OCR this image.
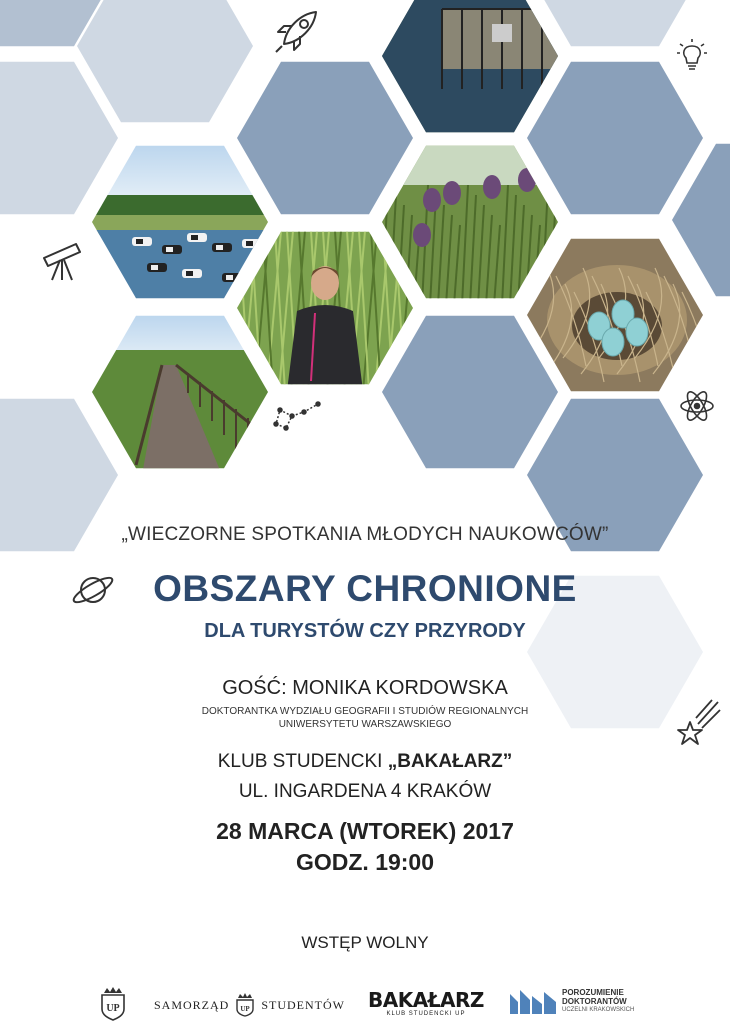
„WIECZORNE SPOTKANIA MŁODYCH NAUKOWCÓW”
OBSZARY CHRONIONE
DLA TURYSTÓW CZY PRZYRODY
GOŚĆ: MONIKA KORDOWSKA
DOKTORANTKA WYDZIAŁU GEOGRAFII I STUDIÓW REGIONALNYCH
UNIWERSYTETU WARSZAWSKIEGO
KLUB STUDENCKI „BAKAŁARZ”
UL. INGARDENA 4 KRAKÓW
28 MARCA (WTOREK) 2017
GODZ. 19:00
WSTĘP WOLNY
UP	SAMORZĄD UP STUDENTÓW BAKAŁARZ
KLUB STUDENCKI UP
POROZUMIENIE
DOKTORANTÓW
UCZELNI KRAKOWSKICH
